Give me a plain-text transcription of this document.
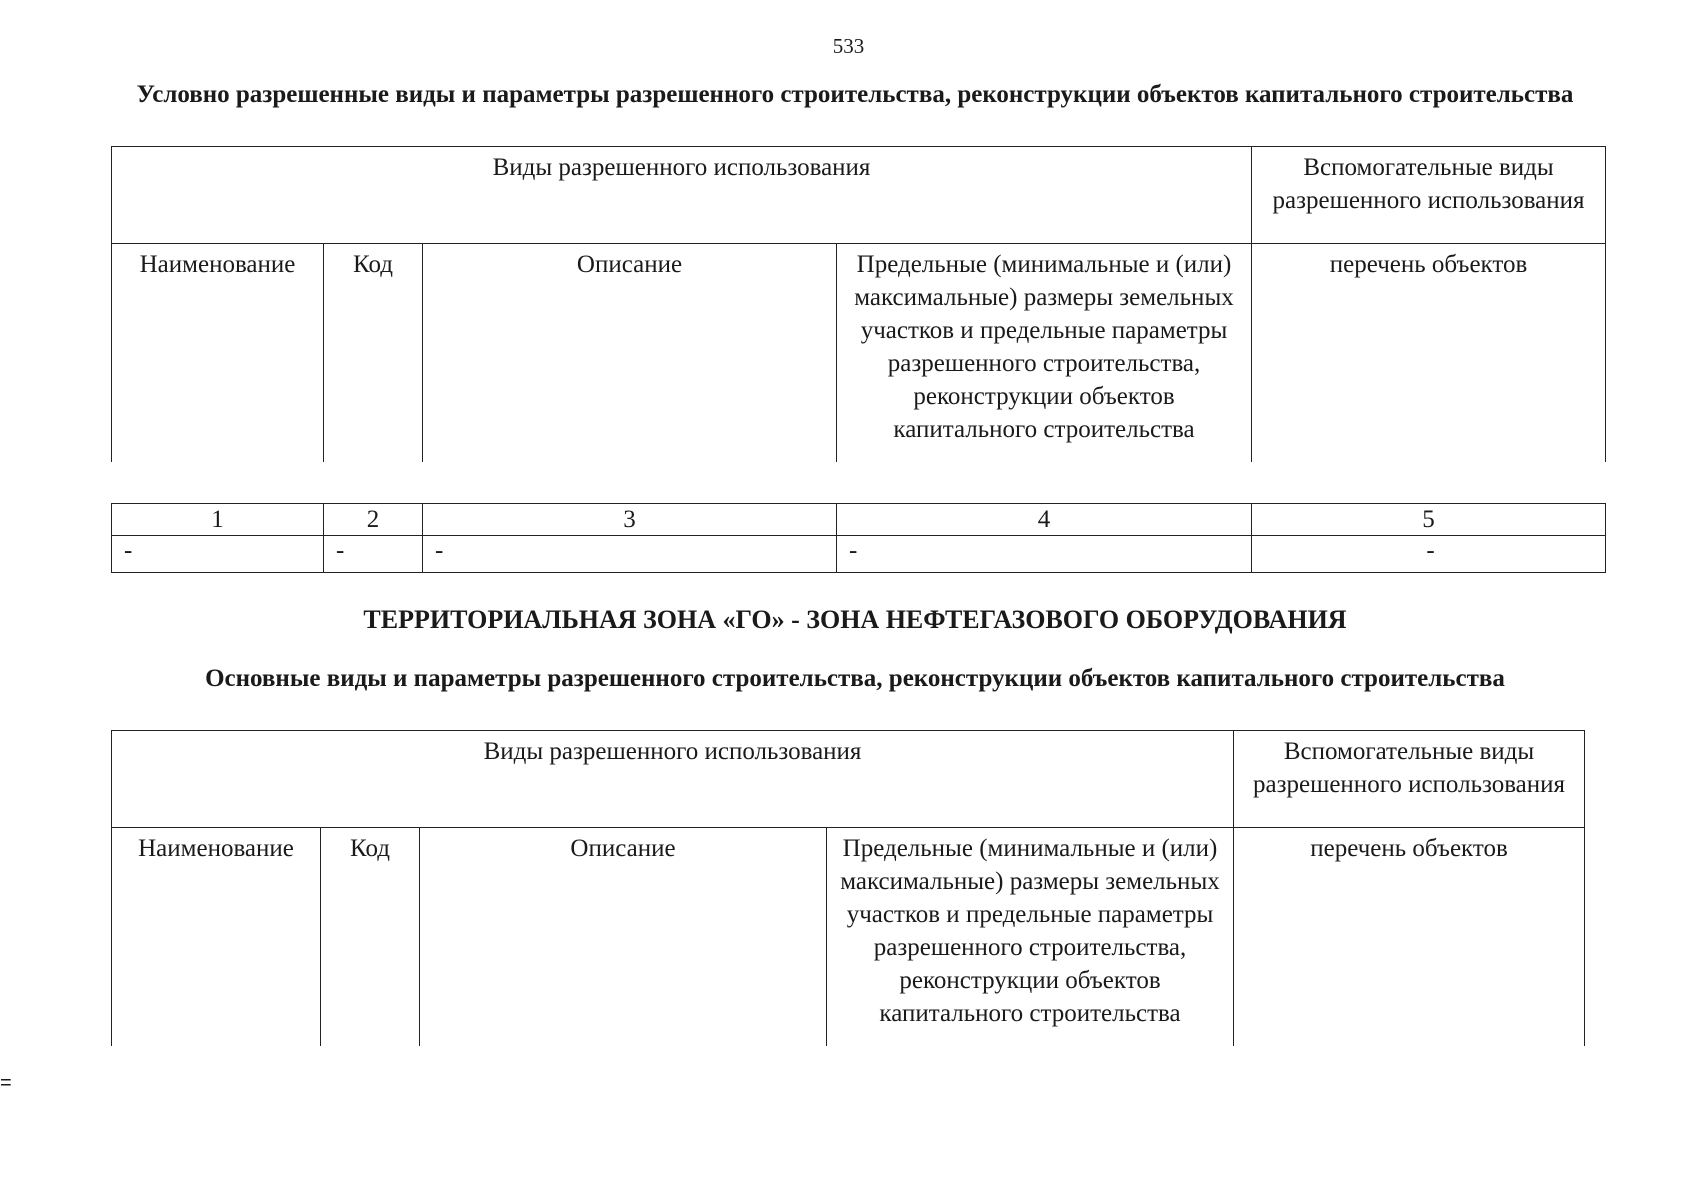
533
Условно разрешенные виды и параметры разрешенного строительства, реконструкции объектов капитального строительства
Виды разрешенного использования				Вспомогательные виды разрешенного использования
Наименование	Код	Описание	Предельные (минимальные и (или) максимальные) размеры земельных участков и предельные параметры разрешенного строительства, реконструкции объектов капитального строительства	перечень объектов
1	2	3	4	5
-	-	-	-	-
ТЕРРИТОРИАЛЬНАЯ ЗОНА «ГО» - ЗОНА НЕФТЕГАЗОВОГО ОБОРУДОВАНИЯ
Основные виды и параметры разрешенного строительства, реконструкции объектов капитального строительства
Виды разрешенного использования				Вспомогательные виды разрешенного использования
Наименование	Код	Описание	Предельные (минимальные и (или) максимальные) размеры земельных участков и предельные параметры разрешенного строительства, реконструкции объектов капитального строительства	перечень объектов
=
